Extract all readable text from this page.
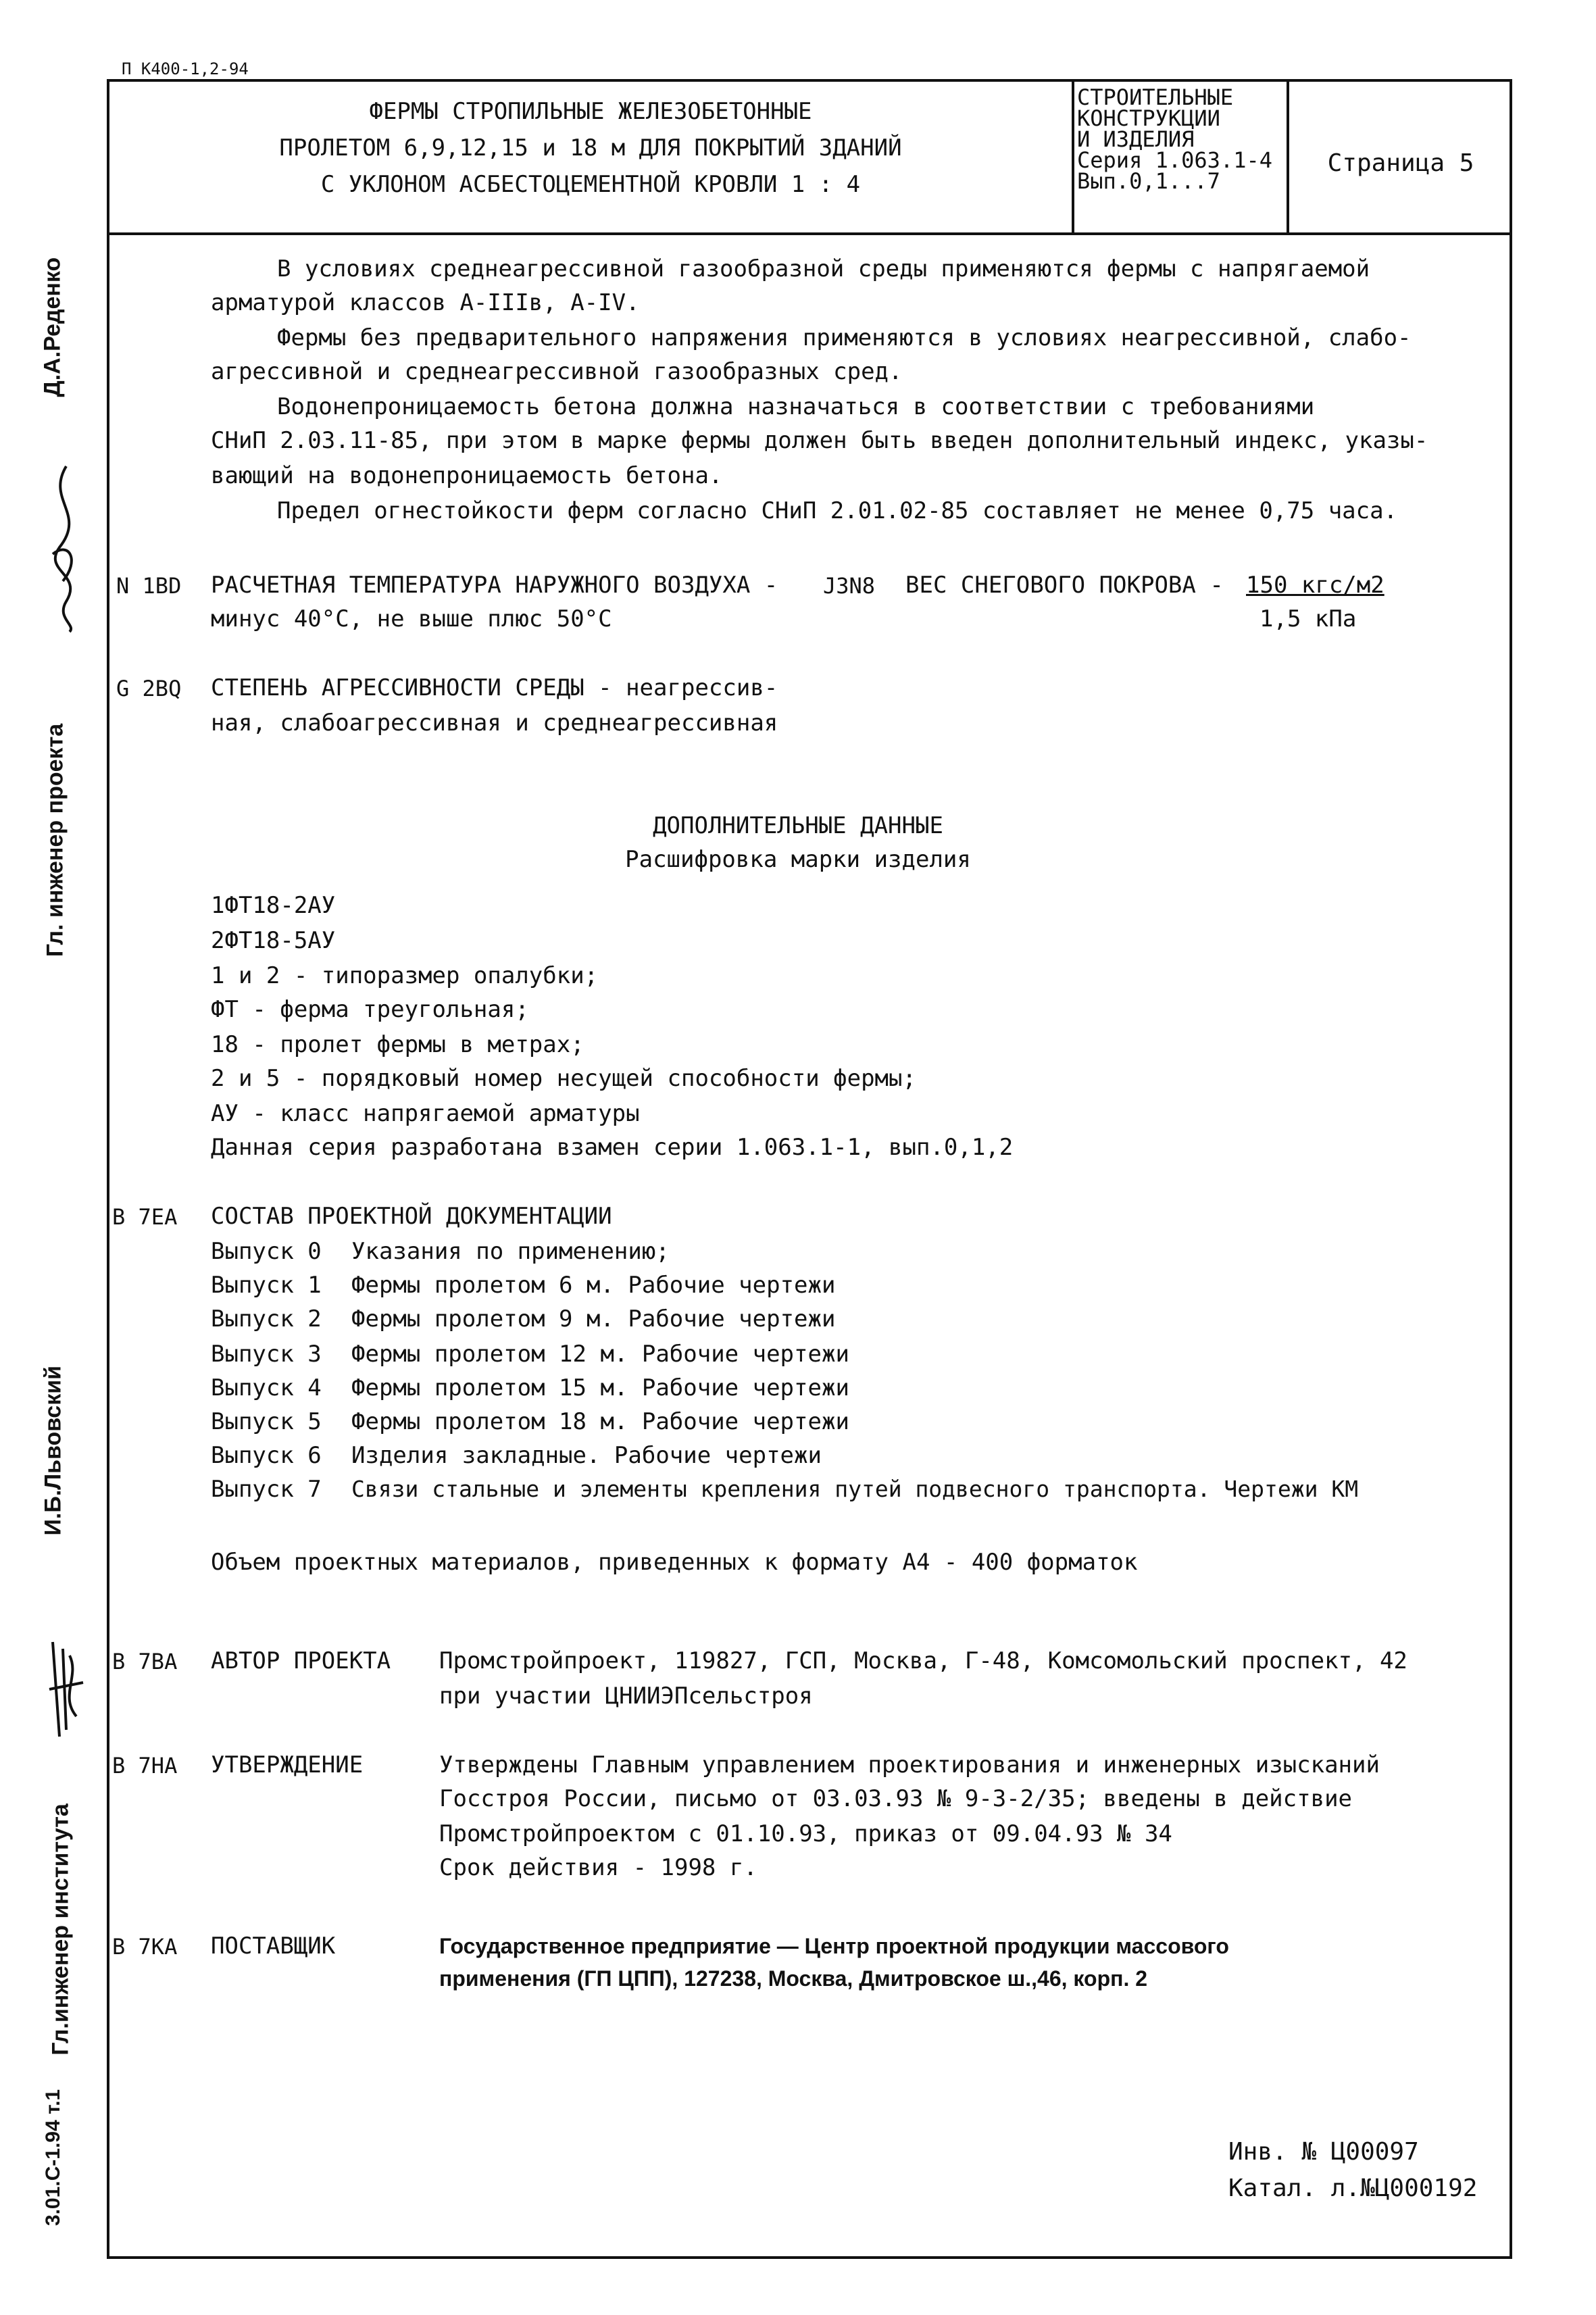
П К400-1,2-94
Д.А.Реденко
Гл. инженер проекта
И.Б.Львовский
Гл.инженер института
3.01.С-1.94 т.1
ФЕРМЫ СТРОПИЛЬНЫЕ ЖЕЛЕЗОБЕТОННЫЕ
ПРОЛЕТОМ 6,9,12,15 и 18 м ДЛЯ ПОКРЫТИЙ ЗДАНИЙ
С УКЛОНОМ АСБЕСТОЦЕМЕНТНОЙ КРОВЛИ 1 : 4
СТРОИТЕЛЬНЫЕ
КОНСТРУКЦИИ
И ИЗДЕЛИЯ
Серия 1.063.1-4
Вып.0,1...7
Страница 5
В условиях среднеагрессивной газообразной среды применяются фермы с напрягаемой
арматурой классов А-IIIв, А-IV.
Фермы без предварительного напряжения применяются в условиях неагрессивной, слабо-
агрессивной и среднеагрессивной газообразных сред.
Водонепроницаемость бетона должна назначаться в соответствии с требованиями
СНиП 2.03.11-85, при этом в марке фермы должен быть введен дополнительный индекс, указы-
вающий на водонепроницаемость бетона.
Предел огнестойкости ферм согласно СНиП 2.01.02-85 составляет не менее 0,75 часа.
N 1BD РАСЧЕТНАЯ ТЕМПЕРАТУРА НАРУЖНОГО ВОЗДУХА -
минус 40°С, не выше плюс 50°С
J3N8 ВЕС СНЕГОВОГО ПОКРОВА - 150 кгс/м2
1,5 кПа
G 2BQ СТЕПЕНЬ АГРЕССИВНОСТИ СРЕДЫ - неагрессив-
ная, слабоагрессивная и среднеагрессивная
ДОПОЛНИТЕЛЬНЫЕ ДАННЫЕ
Расшифровка марки изделия
1ФТ18-2АУ
2ФТ18-5АУ
1 и 2 - типоразмер опалубки;
ФТ - ферма треугольная;
18 - пролет фермы в метрах;
2 и 5 - порядковый номер несущей способности фермы;
АУ - класс напрягаемой арматуры
Данная серия разработана взамен серии 1.063.1-1, вып.0,1,2
В 7ЕА СОСТАВ ПРОЕКТНОЙ ДОКУМЕНТАЦИИ
Выпуск 0 Указания по применению;
Выпуск 1 Фермы пролетом 6 м. Рабочие чертежи
Выпуск 2 Фермы пролетом 9 м. Рабочие чертежи
Выпуск 3 Фермы пролетом 12 м. Рабочие чертежи
Выпуск 4 Фермы пролетом 15 м. Рабочие чертежи
Выпуск 5 Фермы пролетом 18 м. Рабочие чертежи
Выпуск 6 Изделия закладные. Рабочие чертежи
Выпуск 7 Связи стальные и элементы крепления путей подвесного транспорта. Чертежи КМ
Объем проектных материалов, приведенных к формату А4 - 400 форматок
В 7ВА АВТОР ПРОЕКТА Промстройпроект, 119827, ГСП, Москва, Г-48, Комсомольский проспект, 42
при участии ЦНИИЭПсельстроя
В 7НА УТВЕРЖДЕНИЕ	Утверждены Главным управлением проектирования и инженерных изысканий
Госстроя России, письмо от 03.03.93 № 9-3-2/35; введены в действие
Промстройпроектом с 01.10.93, приказ от 09.04.93 № 34
Срок действия - 1998 г.
В 7КА ПОСТАВЩИК	Государственное предприятие — Центр проектной продукции массового
применения (ГП ЦПП), 127238, Москва, Дмитровское ш.,46, корп. 2
Инв. № Ц00097
Катал. л.№Ц000192
